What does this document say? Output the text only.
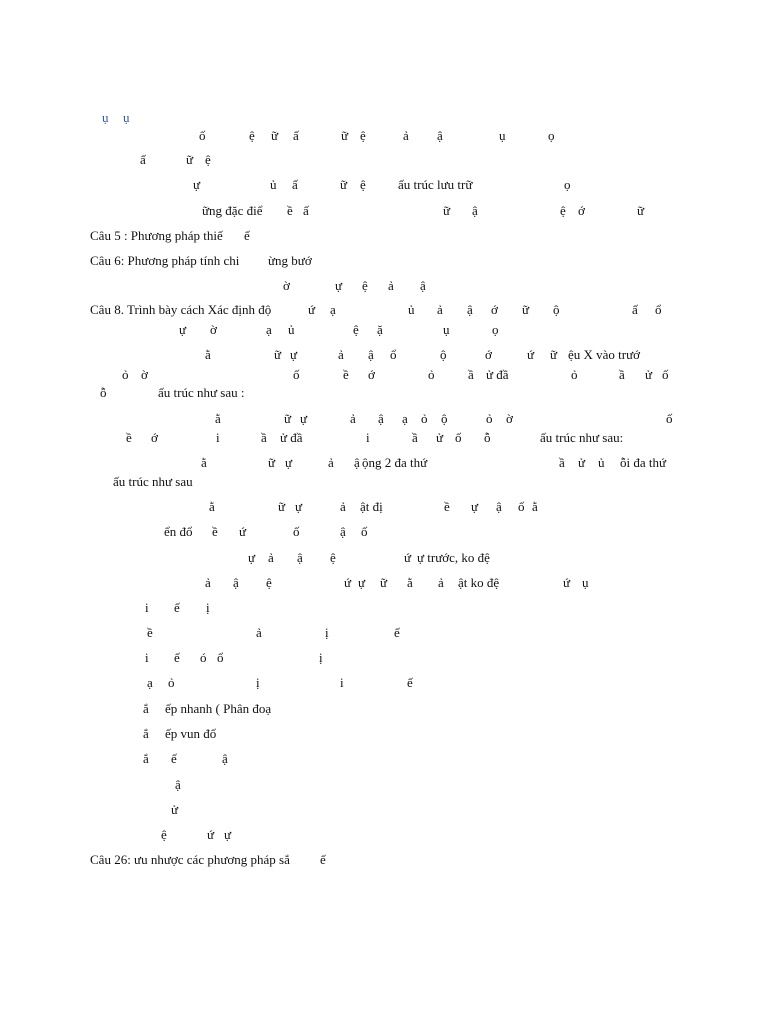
ụ ụ
ố	ệ ữ ấ	ữ ệ	ả ậ	ụ	ọ
ấ	ữ ệ
ự	ủ ấ	ữ ệ ấu trúc lưu trữ	ọ
ững đặc điể ề ấ	ữ ậ	ệ ớ	ữ
Câu 5 : Phương pháp thiế ế
Câu 6: Phương pháp tính chi ừng bướ
ờ	ự ệ ả ậ
Câu 8. Trình bày cách Xác định độ	ứ ạ	ủ ả ậ ớ ữ ộ	ấ ổ
ự ờ	ạ ủ	ệ ặ	ụ	ọ
ằ	ữ ự	ả ậ ổ	ộ	ớ	ứ ữ ệu X vào trướ
ỏ ờ	ố	ề ớ	ỏ	ầ ử đầ	ỏ	ầ ử ố
ỗ	ấu trúc như sau :
ằ	ữ ự	ả ậ ạ ỏ ộ	ỏ ờ	ố
ề ớ	i	ầ ử đầ	i	ầ ử ố ỗ	ấu trúc như sau:
ằ	ữ ự	ả ậ ộng 2 đa thứ	ầ ử ủ ỗi đa thứ
ấu trúc như sau
ằ	ữ ự	ả ật đị	ề ự ậ ố ằ
ển đổ ề ứ	ố	ậ ố
ự ả ậ ệ	ứ ự trước, ko đệ
ả ậ ệ	ứ ự ữ ằ ả ật ko đệ	ứ ụ
i ế ị
ề	ả	ị	ế
i ế ó ổ	ị
ạ ỏ	ị	i	ế
ắ ếp nhanh ( Phân đoạ
ắ ếp vun đố
ắ ế	ậ
ậ
ử
ệ	ứ ự
Câu 26: ưu nhược các phương pháp sắ ế
